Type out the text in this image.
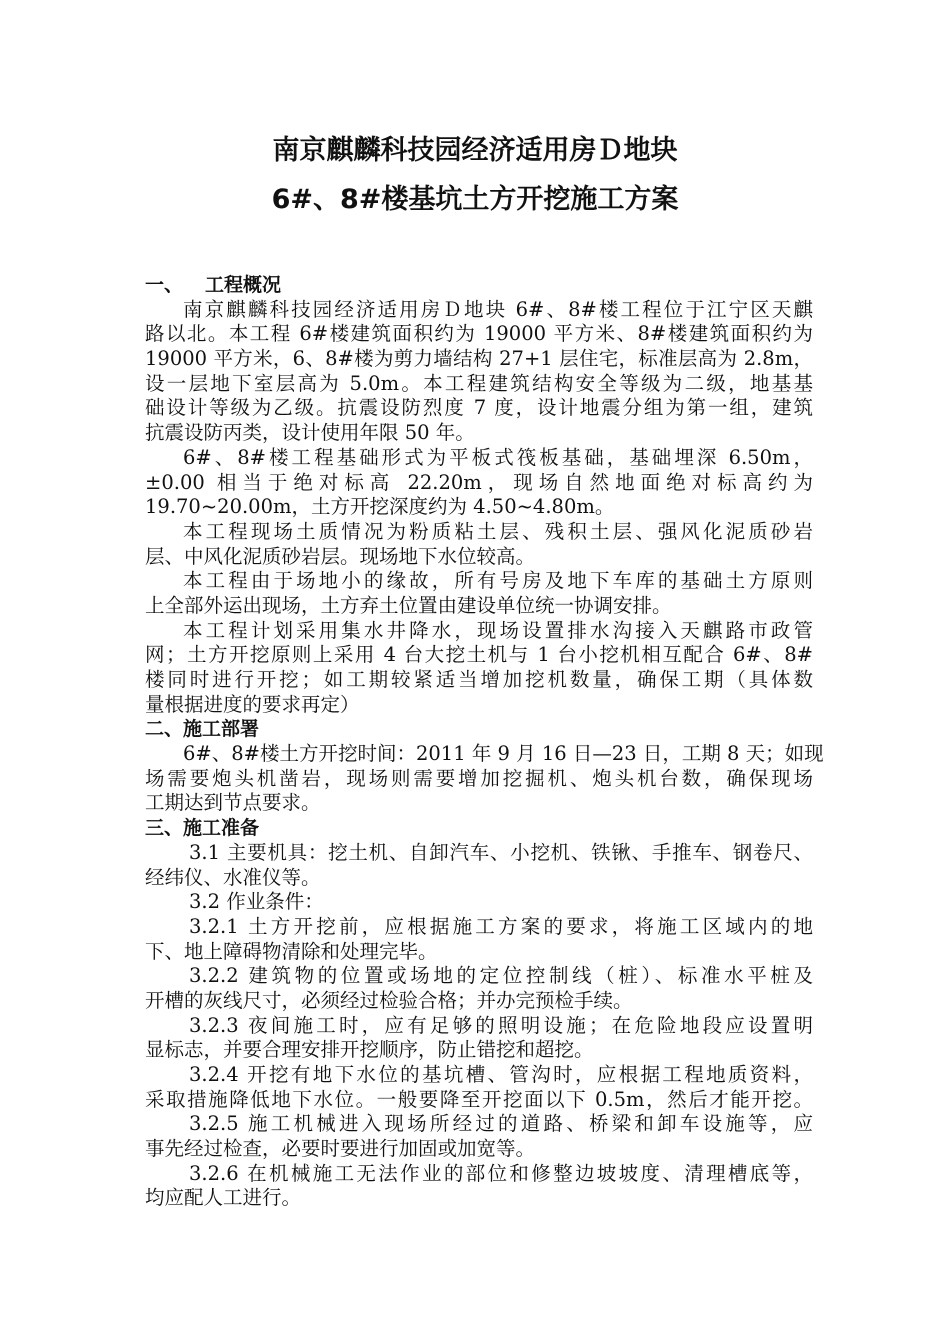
南京麒麟科技园经济适用房Ｄ地块
6#、8#楼基坑土方开挖施工方案
一、 工程概况
南京麒麟科技园经济适用房Ｄ地块 6#、8#楼工程位于江宁区天麒
路以北。本工程 6#楼建筑面积约为 19000 平方米、8#楼建筑面积约为
19000 平方米，6、8#楼为剪力墙结构 27+1 层住宅，标准层高为 2.8m，
设一层地下室层高为 5.0m。本工程建筑结构安全等级为二级，地基基
础设计等级为乙级。抗震设防烈度 7 度，设计地震分组为第一组，建筑
抗震设防丙类，设计使用年限 50 年。
6#、8#楼工程基础形式为平板式筏板基础，基础埋深 6.50m，
±0.00 相当于绝对标高 22.20m，现场自然地面绝对标高约为
19.70~20.00m，土方开挖深度约为 4.50~4.80m。
本工程现场土质情况为粉质粘土层、残积土层、强风化泥质砂岩
层、中风化泥质砂岩层。现场地下水位较高。
本工程由于场地小的缘故，所有号房及地下车库的基础土方原则
上全部外运出现场，土方弃土位置由建设单位统一协调安排。
本工程计划采用集水井降水，现场设置排水沟接入天麒路市政管
网；土方开挖原则上采用 4 台大挖土机与 1 台小挖机相互配合 6#、8#
楼同时进行开挖；如工期较紧适当增加挖机数量，确保工期（具体数
量根据进度的要求再定）
二、施工部署
6#、8#楼土方开挖时间：2011 年 9 月 16 日—23 日，工期 8 天；如现
场需要炮头机凿岩，现场则需要增加挖掘机、炮头机台数，确保现场
工期达到节点要求。
三、施工准备
3.1 主要机具：挖土机、自卸汽车、小挖机、铁锹、手推车、钢卷尺、
经纬仪、水准仪等。
3.2 作业条件：
3.2.1 土方开挖前，应根据施工方案的要求，将施工区域内的地
下、地上障碍物清除和处理完毕。
3.2.2 建筑物的位置或场地的定位控制线（桩）、标准水平桩及
开槽的灰线尺寸，必须经过检验合格；并办完预检手续。
3.2.3 夜间施工时，应有足够的照明设施；在危险地段应设置明
显标志，并要合理安排开挖顺序，防止错挖和超挖。
3.2.4 开挖有地下水位的基坑槽、管沟时，应根据工程地质资料，
采取措施降低地下水位。一般要降至开挖面以下 0.5m，然后才能开挖。
3.2.5 施工机械进入现场所经过的道路、桥梁和卸车设施等，应
事先经过检查，必要时要进行加固或加宽等。
3.2.6 在机械施工无法作业的部位和修整边坡坡度、清理槽底等，
均应配人工进行。
